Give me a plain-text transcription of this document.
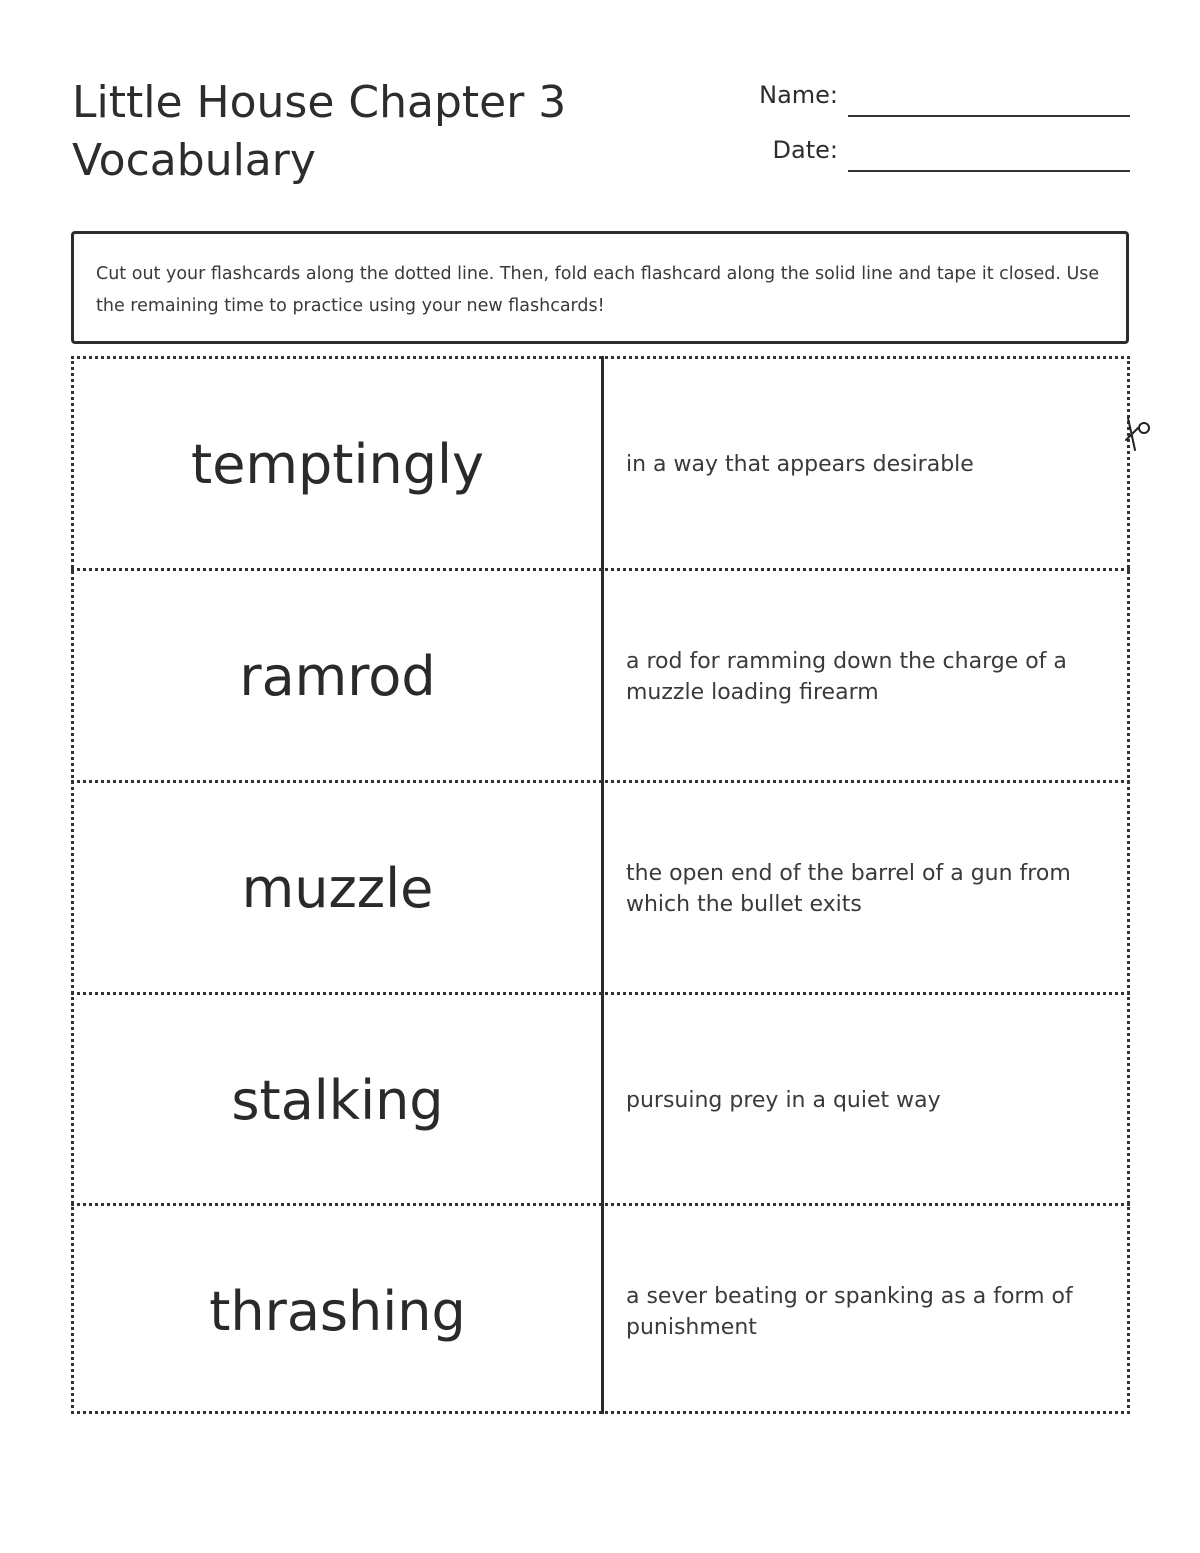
Little House Chapter 3
Vocabulary
Name:
Date:
Cut out your flashcards along the dotted line. Then, fold each flashcard along the solid line and tape it closed. Use the remaining time to practice using your new flashcards!
temptingly	in a way that appears desirable
ramrod	a rod for ramming down the charge of a muzzle loading firearm
muzzle	the open end of the barrel of a gun from which the bullet exits
stalking	pursuing prey in a quiet way
thrashing	a sever beating or spanking as a form of punishment
